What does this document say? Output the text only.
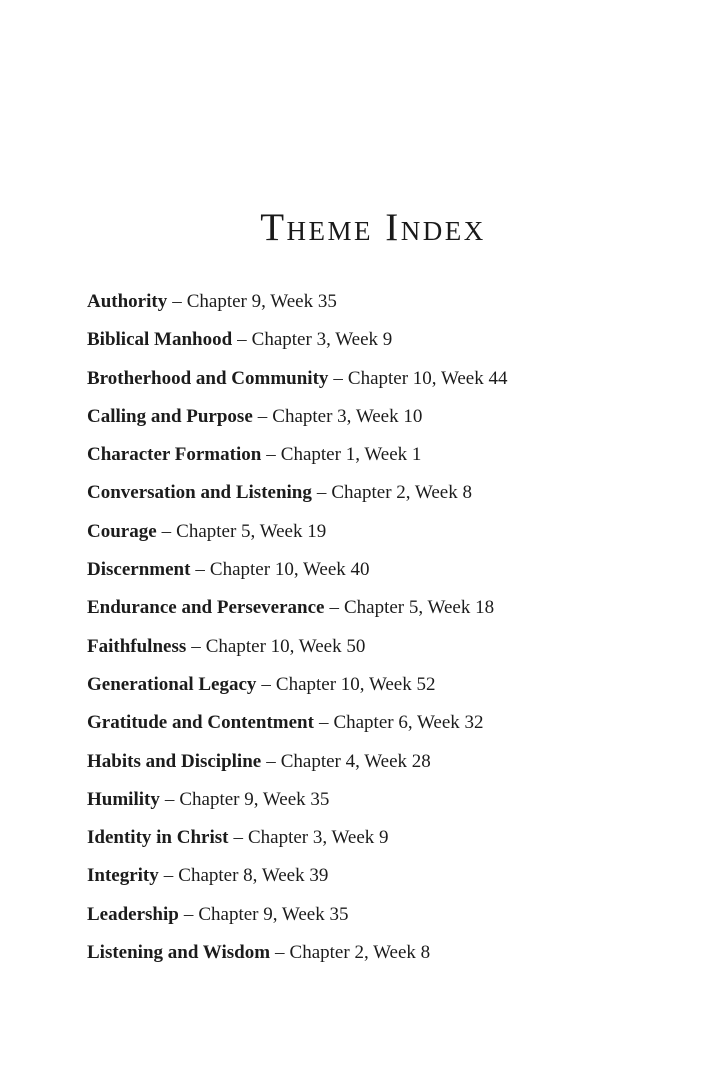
Theme Index
Authority – Chapter 9, Week 35
Biblical Manhood – Chapter 3, Week 9
Brotherhood and Community – Chapter 10, Week 44
Calling and Purpose – Chapter 3, Week 10
Character Formation – Chapter 1, Week 1
Conversation and Listening – Chapter 2, Week 8
Courage – Chapter 5, Week 19
Discernment – Chapter 10, Week 40
Endurance and Perseverance – Chapter 5, Week 18
Faithfulness – Chapter 10, Week 50
Generational Legacy – Chapter 10, Week 52
Gratitude and Contentment – Chapter 6, Week 32
Habits and Discipline – Chapter 4, Week 28
Humility – Chapter 9, Week 35
Identity in Christ – Chapter 3, Week 9
Integrity – Chapter 8, Week 39
Leadership – Chapter 9, Week 35
Listening and Wisdom – Chapter 2, Week 8
